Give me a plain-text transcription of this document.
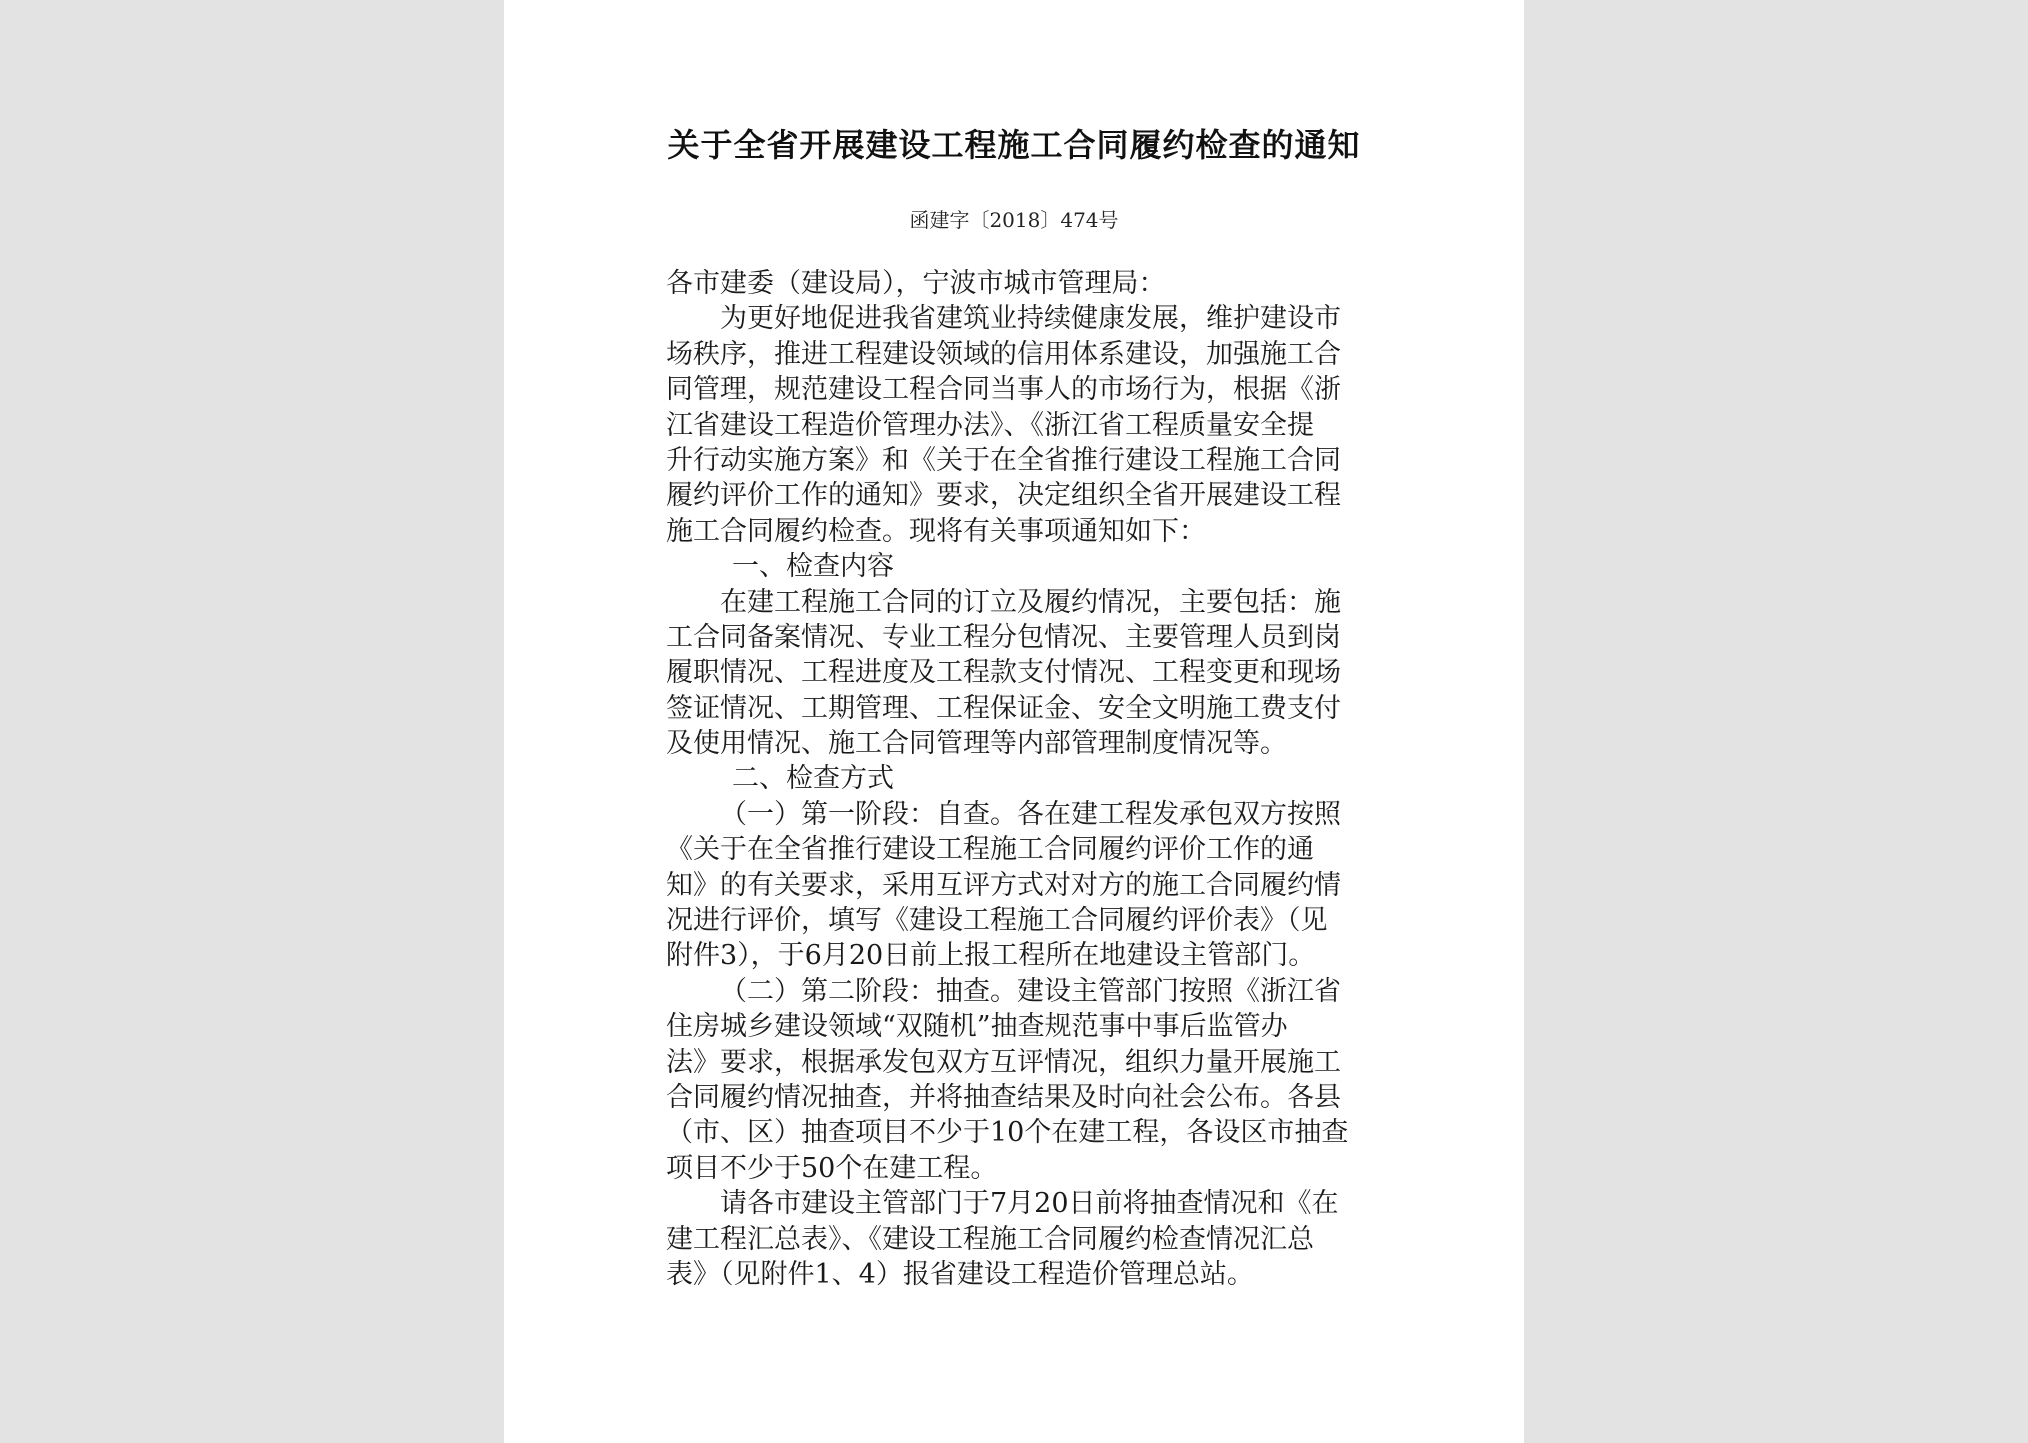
关于全省开展建设工程施工合同履约检查的通知
函建字〔2018〕474号
各市建委（建设局），宁波市城市管理局：
为更好地促进我省建筑业持续健康发展，维护建设市
场秩序，推进工程建设领域的信用体系建设，加强施工合
同管理，规范建设工程合同当事人的市场行为，根据《浙
江省建设工程造价管理办法》、《浙江省工程质量安全提
升行动实施方案》和《关于在全省推行建设工程施工合同
履约评价工作的通知》要求，决定组织全省开展建设工程
施工合同履约检查。现将有关事项通知如下：
一、检查内容
在建工程施工合同的订立及履约情况，主要包括：施
工合同备案情况、专业工程分包情况、主要管理人员到岗
履职情况、工程进度及工程款支付情况、工程变更和现场
签证情况、工期管理、工程保证金、安全文明施工费支付
及使用情况、施工合同管理等内部管理制度情况等。
二、检查方式
（一）第一阶段：自查。各在建工程发承包双方按照
《关于在全省推行建设工程施工合同履约评价工作的通
知》的有关要求，采用互评方式对对方的施工合同履约情
况进行评价，填写《建设工程施工合同履约评价表》（见
附件3），于6月20日前上报工程所在地建设主管部门。
（二）第二阶段：抽查。建设主管部门按照《浙江省
住房城乡建设领域“双随机”抽查规范事中事后监管办
法》要求，根据承发包双方互评情况，组织力量开展施工
合同履约情况抽查，并将抽查结果及时向社会公布。各县
（市、区）抽查项目不少于10个在建工程，各设区市抽查
项目不少于50个在建工程。
请各市建设主管部门于7月20日前将抽查情况和《在
建工程汇总表》、《建设工程施工合同履约检查情况汇总
表》（见附件1、4）报省建设工程造价管理总站。
